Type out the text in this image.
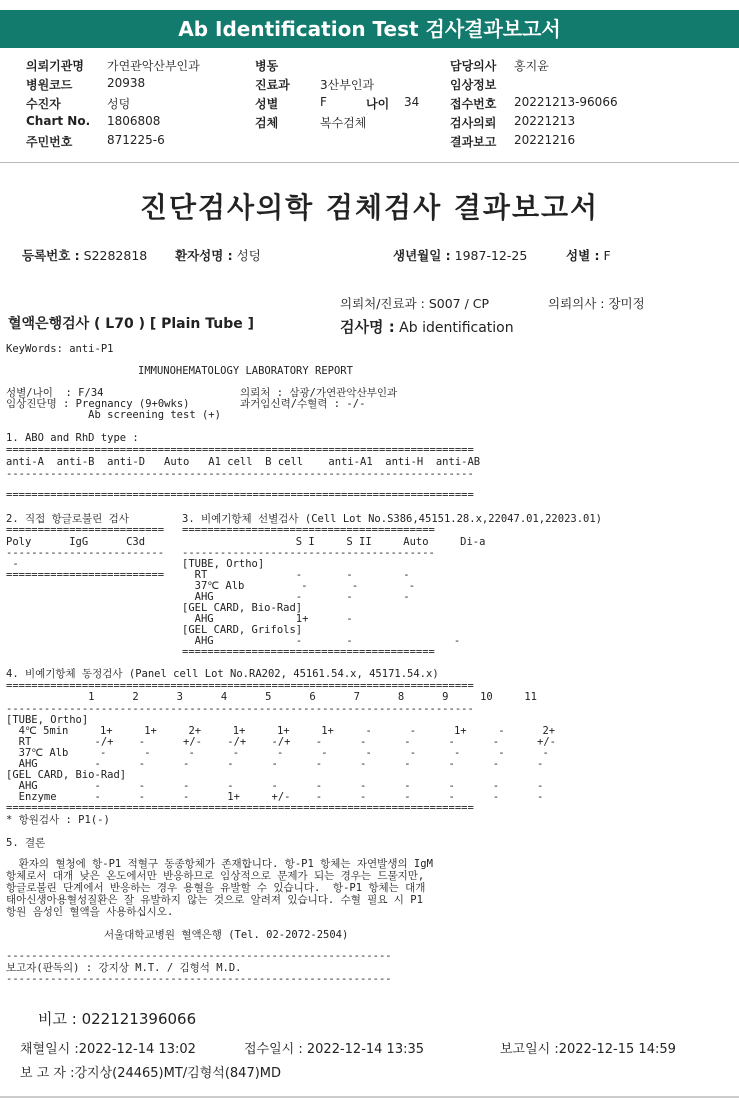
Ab Identification Test 검사결과보고서
의뢰기관명 가연관악산부인과
병원코드	20938
수진자	성덩
Chart No. 1806808
주민번호	871225-6
병동
진료과	3산부인과
성별	F	나이 34
검체	복수검체
담당의사 홍지윤
임상정보
접수번호 20221213-96066
검사의뢰 20221213
결과보고 20221216
진단검사의학 검체검사 결과보고서
등록번호 : S2282818 환자성명 : 성덩	생년월일 : 1987-12-25	성별 : F
의뢰처/진료과 : S007 / CP	의뢰의사 : 장미정
혈액은행검사 ( L70 ) [ Plain Tube ]	검사명 : Ab identification
KeyWords: anti-P1
IMMUNOHEMATOLOGY LABORATORY REPORT
성별/나이  : F/34
임상진단명 : Pregnancy (9+0wks)
Ab screening test (+)
의뢰처 : 삼광/가연관악산부인과
과거임신력/수혈력 : -/-
1. ABO and RhD type :
==========================================================================
anti-A  anti-B  anti-D   Auto   A1 cell  B cell    anti-A1  anti-H  anti-AB
--------------------------------------------------------------------------
==========================================================================
2. 직접 항글로불린 검사
=========================
Poly      IgG      C3d
-------------------------
-
=========================
3. 비예기항체 선별검사 (Cell Lot No.S386,45151.28.x,22047.01,22023.01)
========================================
S I     S II     Auto     Di-a
----------------------------------------
[TUBE, Ortho]
RT              -       -        -
37℃ Alb         -       -        -
AHG             -       -        -
[GEL CARD, Bio-Rad]
AHG             1+      -
[GEL CARD, Grifols]
AHG             -       -                -
========================================
4. 비예기항체 동정검사 (Panel cell Lot No.RA202, 45161.54.x, 45171.54.x)
==========================================================================
1      2      3      4      5      6      7      8      9     10     11
--------------------------------------------------------------------------
[TUBE, Ortho]
4℃ 5min     1+     1+     2+     1+     1+     1+     -      -      1+     -      2+
RT          -/+    -      +/-    -/+    -/+    -      -      -      -      -      +/-
37℃ Alb     -      -      -      -      -      -      -      -      -      -      -
AHG         -      -      -      -      -      -      -      -      -      -      -
[GEL CARD, Bio-Rad]
AHG         -      -      -      -      -      -      -      -      -      -      -
Enzyme      -      -      -      1+     +/-    -      -      -      -      -      -
==========================================================================
* 항원검사 : P1(-)
5. 결론
환자의 혈청에 항-P1 적혈구 동종항체가 존재합니다. 항-P1 항체는 자연발생의 IgM
항체로서 대개 낮은 온도에서만 반응하므로 임상적으로 문제가 되는 경우는 드물지만,
항글로불린 단계에서 반응하는 경우 용혈을 유발할 수 있습니다.  항-P1 항체는 대개
태아신생아용혈성질환은 잘 유발하지 않는 것으로 알려져 있습니다. 수혈 필요 시 P1
항원 음성인 혈액을 사용하십시오.
서울대학교병원 혈액은행 (Tel. 02-2072-2504)
-------------------------------------------------------------
보고자(판독의) : 강지상 M.T. / 김형석 M.D.
-------------------------------------------------------------
비고 : 022121396066
채혈일시 :2022-12-14 13:02	접수일시 : 2022-12-14 13:35	보고일시 :2022-12-15 14:59
보 고 자 :강지상(24465)MT/김형석(847)MD
